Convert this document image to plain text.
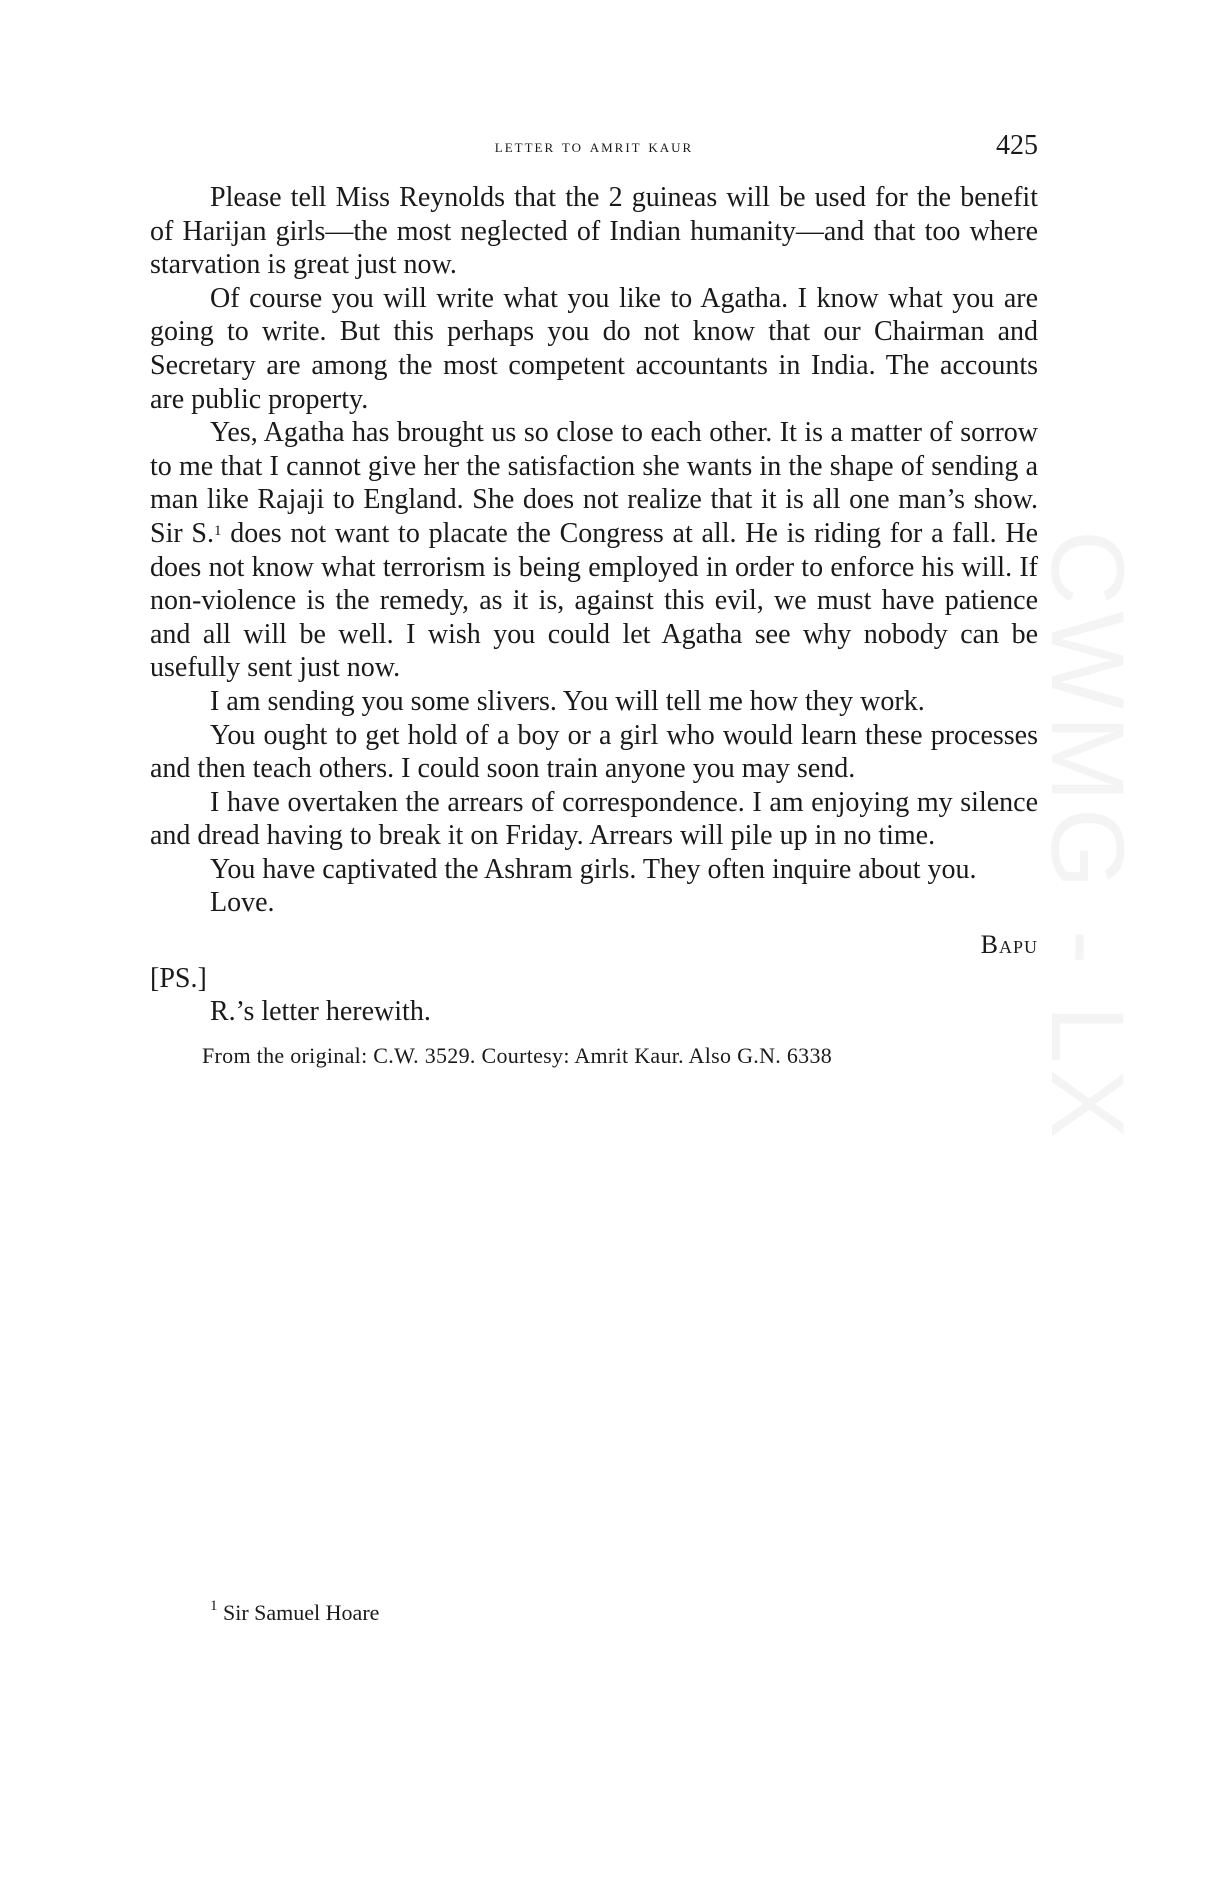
letter to amrit kaur	425

Please tell Miss Reynolds that the 2 guineas will be used for the benefit of Harijan girls—the most neglected of Indian humanity—and that too where starvation is great just now.

Of course you will write what you like to Agatha. I know what you are going to write. But this perhaps you do not know that our Chairman and Secretary are among the most competent accountants in India. The accounts are public property.

Yes, Agatha has brought us so close to each other. It is a matter of sorrow to me that I cannot give her the satisfaction she wants in the shape of sending a man like Rajaji to England. She does not realize that it is all one man’s show. Sir S.$^1$ does not want to placate the Congress at all. He is riding for a fall. He does not know what terrorism is being employed in order to enforce his will. If non-violence is the remedy, as it is, against this evil, we must have patience and all will be well. I wish you could let Agatha see why nobody can be usefully sent just now.

I am sending you some slivers. You will tell me how they work.

You ought to get hold of a boy or a girl who would learn these processes and then teach others. I could soon train anyone you may send.

I have overtaken the arrears of correspondence. I am enjoying my silence and dread having to break it on Friday. Arrears will pile up in no time.

You have captivated the Ashram girls. They often inquire about you.

Love.

Bapu

[PS.]

R.’s letter herewith.

From the original: C.W. 3529. Courtesy: Amrit Kaur. Also G.N. 6338
$^1$ Sir Samuel Hoare
